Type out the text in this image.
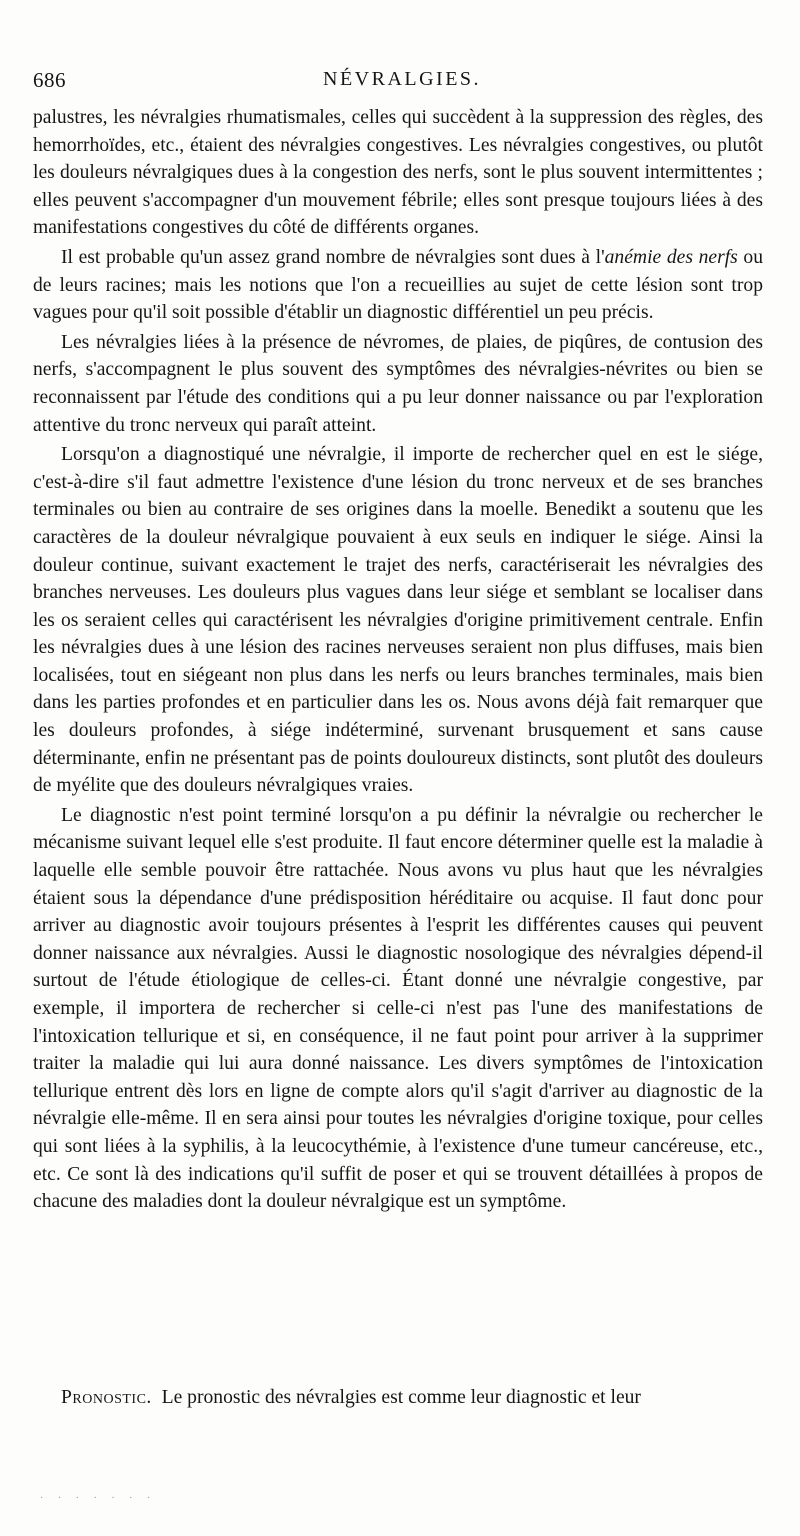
686	NÉVRALGIES.

palustres, les névralgies rhumatismales, celles qui succèdent à la suppression des règles, des hemorrhoïdes, etc., étaient des névralgies congestives. Les névralgies congestives, ou plutôt les douleurs névralgiques dues à la congestion des nerfs, sont le plus souvent intermittentes ; elles peuvent s'accompagner d'un mouvement fébrile; elles sont presque toujours liées à des manifestations congestives du côté de différents organes.

Il est probable qu'un assez grand nombre de névralgies sont dues à l'anémie des nerfs ou de leurs racines; mais les notions que l'on a recueillies au sujet de cette lésion sont trop vagues pour qu'il soit possible d'établir un diagnostic différentiel un peu précis.

Les névralgies liées à la présence de névromes, de plaies, de piqûres, de contusion des nerfs, s'accompagnent le plus souvent des symptômes des névralgies-névrites ou bien se reconnaissent par l'étude des conditions qui a pu leur donner naissance ou par l'exploration attentive du tronc nerveux qui paraît atteint.

Lorsqu'on a diagnostiqué une névralgie, il importe de rechercher quel en est le siége, c'est-à-dire s'il faut admettre l'existence d'une lésion du tronc nerveux et de ses branches terminales ou bien au contraire de ses origines dans la moelle. Benedikt a soutenu que les caractères de la douleur névralgique pouvaient à eux seuls en indiquer le siége. Ainsi la douleur continue, suivant exactement le trajet des nerfs, caractériserait les névralgies des branches nerveuses. Les douleurs plus vagues dans leur siége et semblant se localiser dans les os seraient celles qui caractérisent les névralgies d'origine primitivement centrale. Enfin les névralgies dues à une lésion des racines nerveuses seraient non plus diffuses, mais bien localisées, tout en siégeant non plus dans les nerfs ou leurs branches terminales, mais bien dans les parties profondes et en particulier dans les os. Nous avons déjà fait remarquer que les douleurs profondes, à siége indéterminé, survenant brusquement et sans cause déterminante, enfin ne présentant pas de points douloureux distincts, sont plutôt des douleurs de myélite que des douleurs névralgiques vraies.

Le diagnostic n'est point terminé lorsqu'on a pu définir la névralgie ou rechercher le mécanisme suivant lequel elle s'est produite. Il faut encore déterminer quelle est la maladie à laquelle elle semble pouvoir être rattachée. Nous avons vu plus haut que les névralgies étaient sous la dépendance d'une prédisposition héréditaire ou acquise. Il faut donc pour arriver au diagnostic avoir toujours présentes à l'esprit les différentes causes qui peuvent donner naissance aux névralgies. Aussi le diagnostic nosologique des névralgies dépend-il surtout de l'étude étiologique de celles-ci. Étant donné une névralgie congestive, par exemple, il importera de rechercher si celle-ci n'est pas l'une des manifestations de l'intoxication tellurique et si, en conséquence, il ne faut point pour arriver à la supprimer traiter la maladie qui lui aura donné naissance. Les divers symptômes de l'intoxication tellurique entrent dès lors en ligne de compte alors qu'il s'agit d'arriver au diagnostic de la névralgie elle-même. Il en sera ainsi pour toutes les névralgies d'origine toxique, pour celles qui sont liées à la syphilis, à la leucocythémie, à l'existence d'une tumeur cancéreuse, etc., etc. Ce sont là des indications qu'il suffit de poser et qui se trouvent détaillées à propos de chacune des maladies dont la douleur névralgique est un symptôme.

Pronostic. Le pronostic des névralgies est comme leur diagnostic et leur

· · · · · · ·
